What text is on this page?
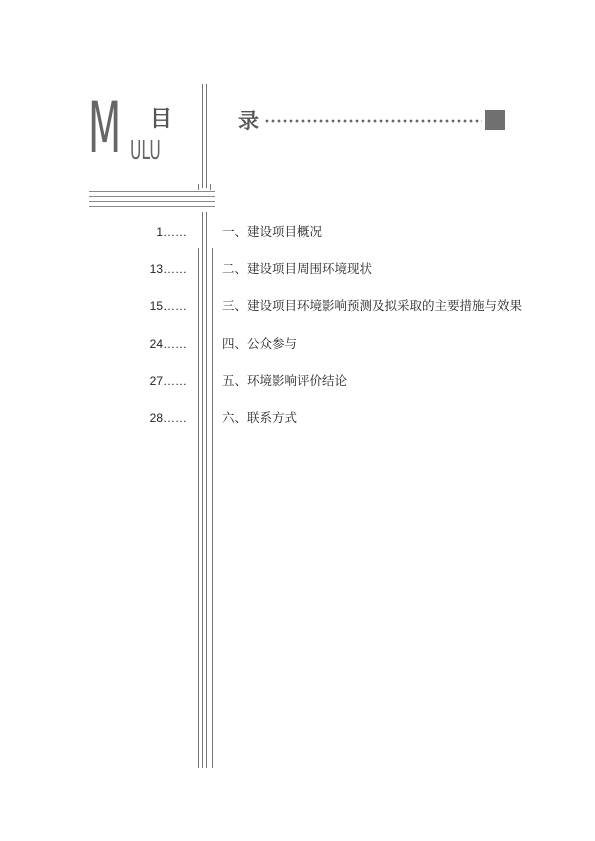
M 目
ULU
录
1……	一、建设项目概况
13……	二、建设项目周围环境现状
15……	三、建设项目环境影响预测及拟采取的主要措施与效果
24……	四、公众参与
27……	五、环境影响评价结论
28……	六、联系方式
